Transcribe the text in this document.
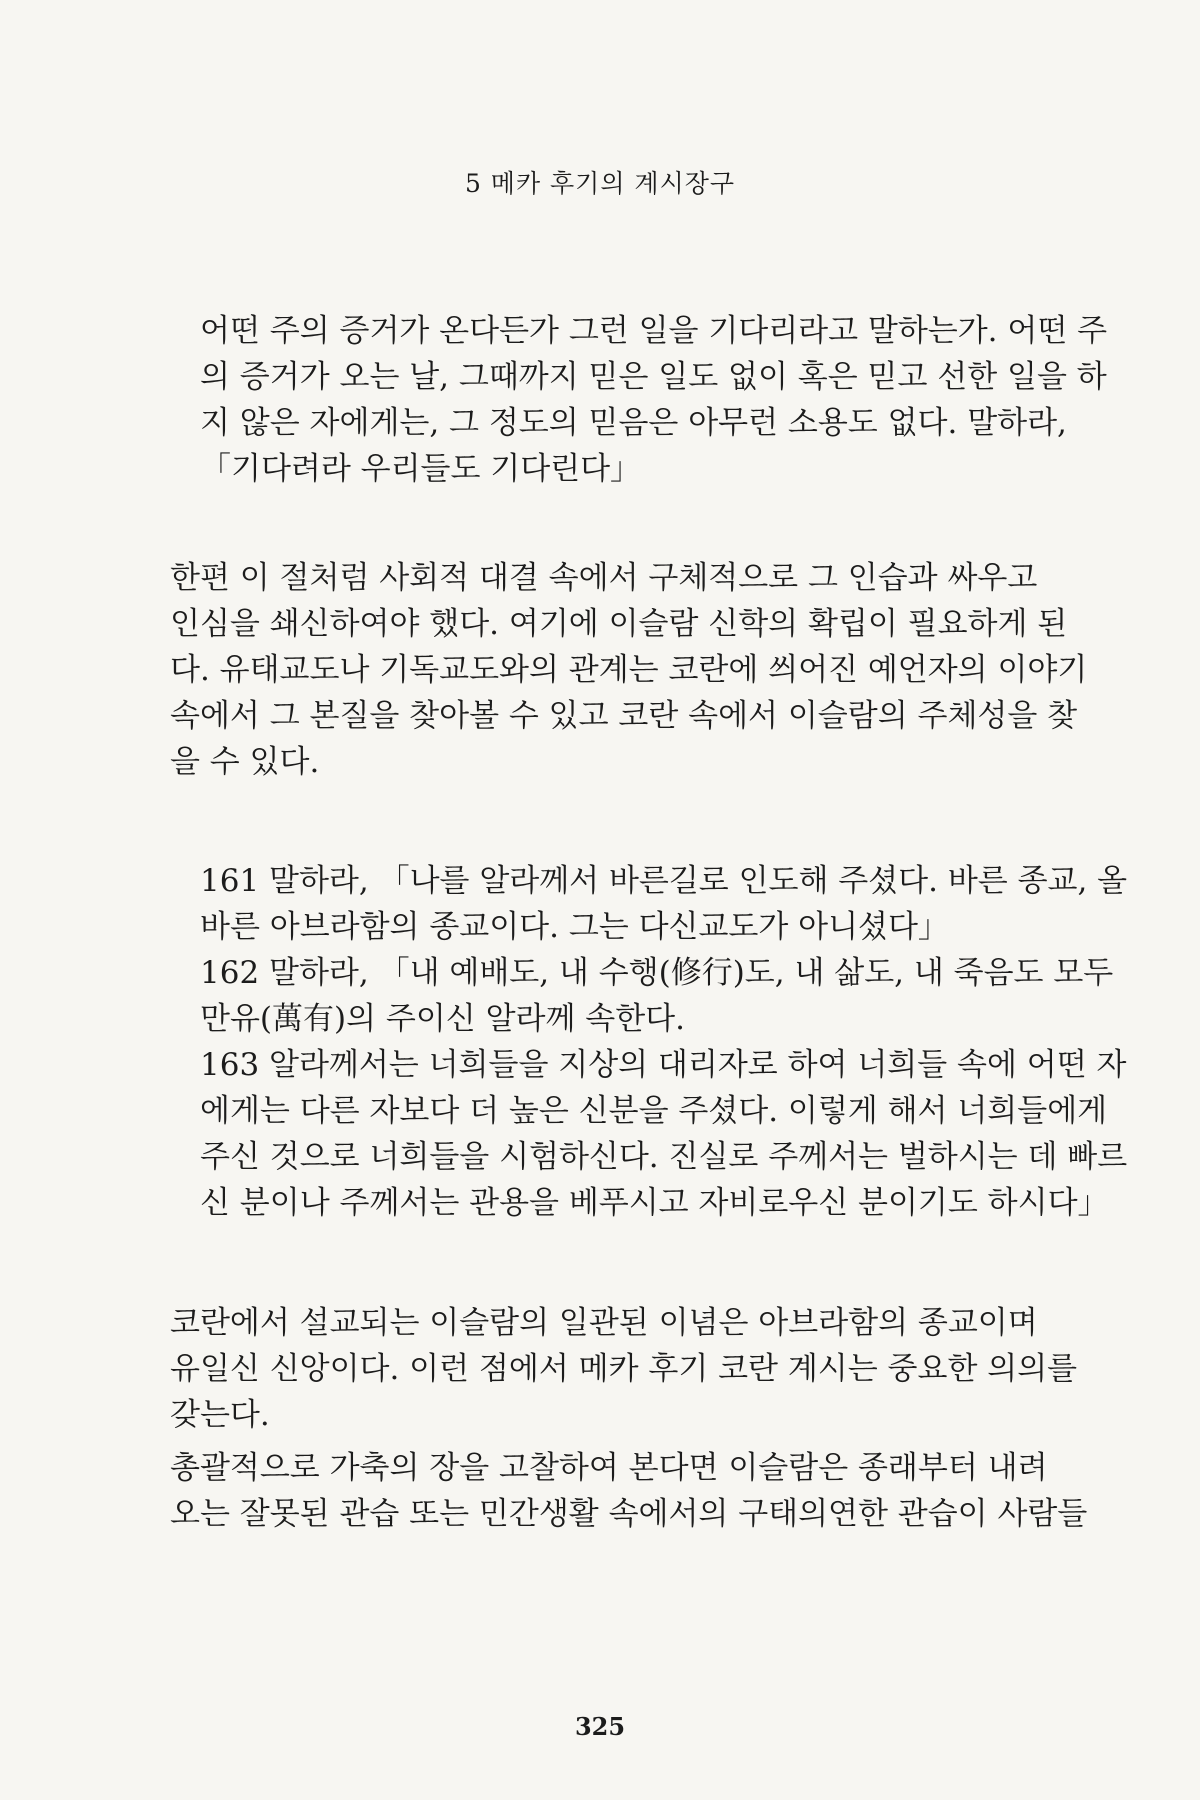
5 메카 후기의 계시장구
어떤 주의 증거가 온다든가 그런 일을 기다리라고 말하는가. 어떤 주
의 증거가 오는 날, 그때까지 믿은 일도 없이 혹은 믿고 선한 일을 하
지 않은 자에게는, 그 정도의 믿음은 아무런 소용도 없다. 말하라,
「기다려라 우리들도 기다린다」
한편 이 절처럼 사회적 대결 속에서 구체적으로 그 인습과 싸우고
인심을 쇄신하여야 했다. 여기에 이슬람 신학의 확립이 필요하게 된
다. 유태교도나 기독교도와의 관계는 코란에 씌어진 예언자의 이야기
속에서 그 본질을 찾아볼 수 있고 코란 속에서 이슬람의 주체성을 찾
을 수 있다.
161 말하라, 「나를 알라께서 바른길로 인도해 주셨다. 바른 종교, 올
바른 아브라함의 종교이다. 그는 다신교도가 아니셨다」
162 말하라, 「내 예배도, 내 수행(修行)도, 내 삶도, 내 죽음도 모두
만유(萬有)의 주이신 알라께 속한다.
163 알라께서는 너희들을 지상의 대리자로 하여 너희들 속에 어떤 자
에게는 다른 자보다 더 높은 신분을 주셨다. 이렇게 해서 너희들에게
주신 것으로 너희들을 시험하신다. 진실로 주께서는 벌하시는 데 빠르
신 분이나 주께서는 관용을 베푸시고 자비로우신 분이기도 하시다」
코란에서 설교되는 이슬람의 일관된 이념은 아브라함의 종교이며
유일신 신앙이다. 이런 점에서 메카 후기 코란 계시는 중요한 의의를
갖는다.
총괄적으로 가축의 장을 고찰하여 본다면 이슬람은 종래부터 내려
오는 잘못된 관습 또는 민간생활 속에서의 구태의연한 관습이 사람들
325
